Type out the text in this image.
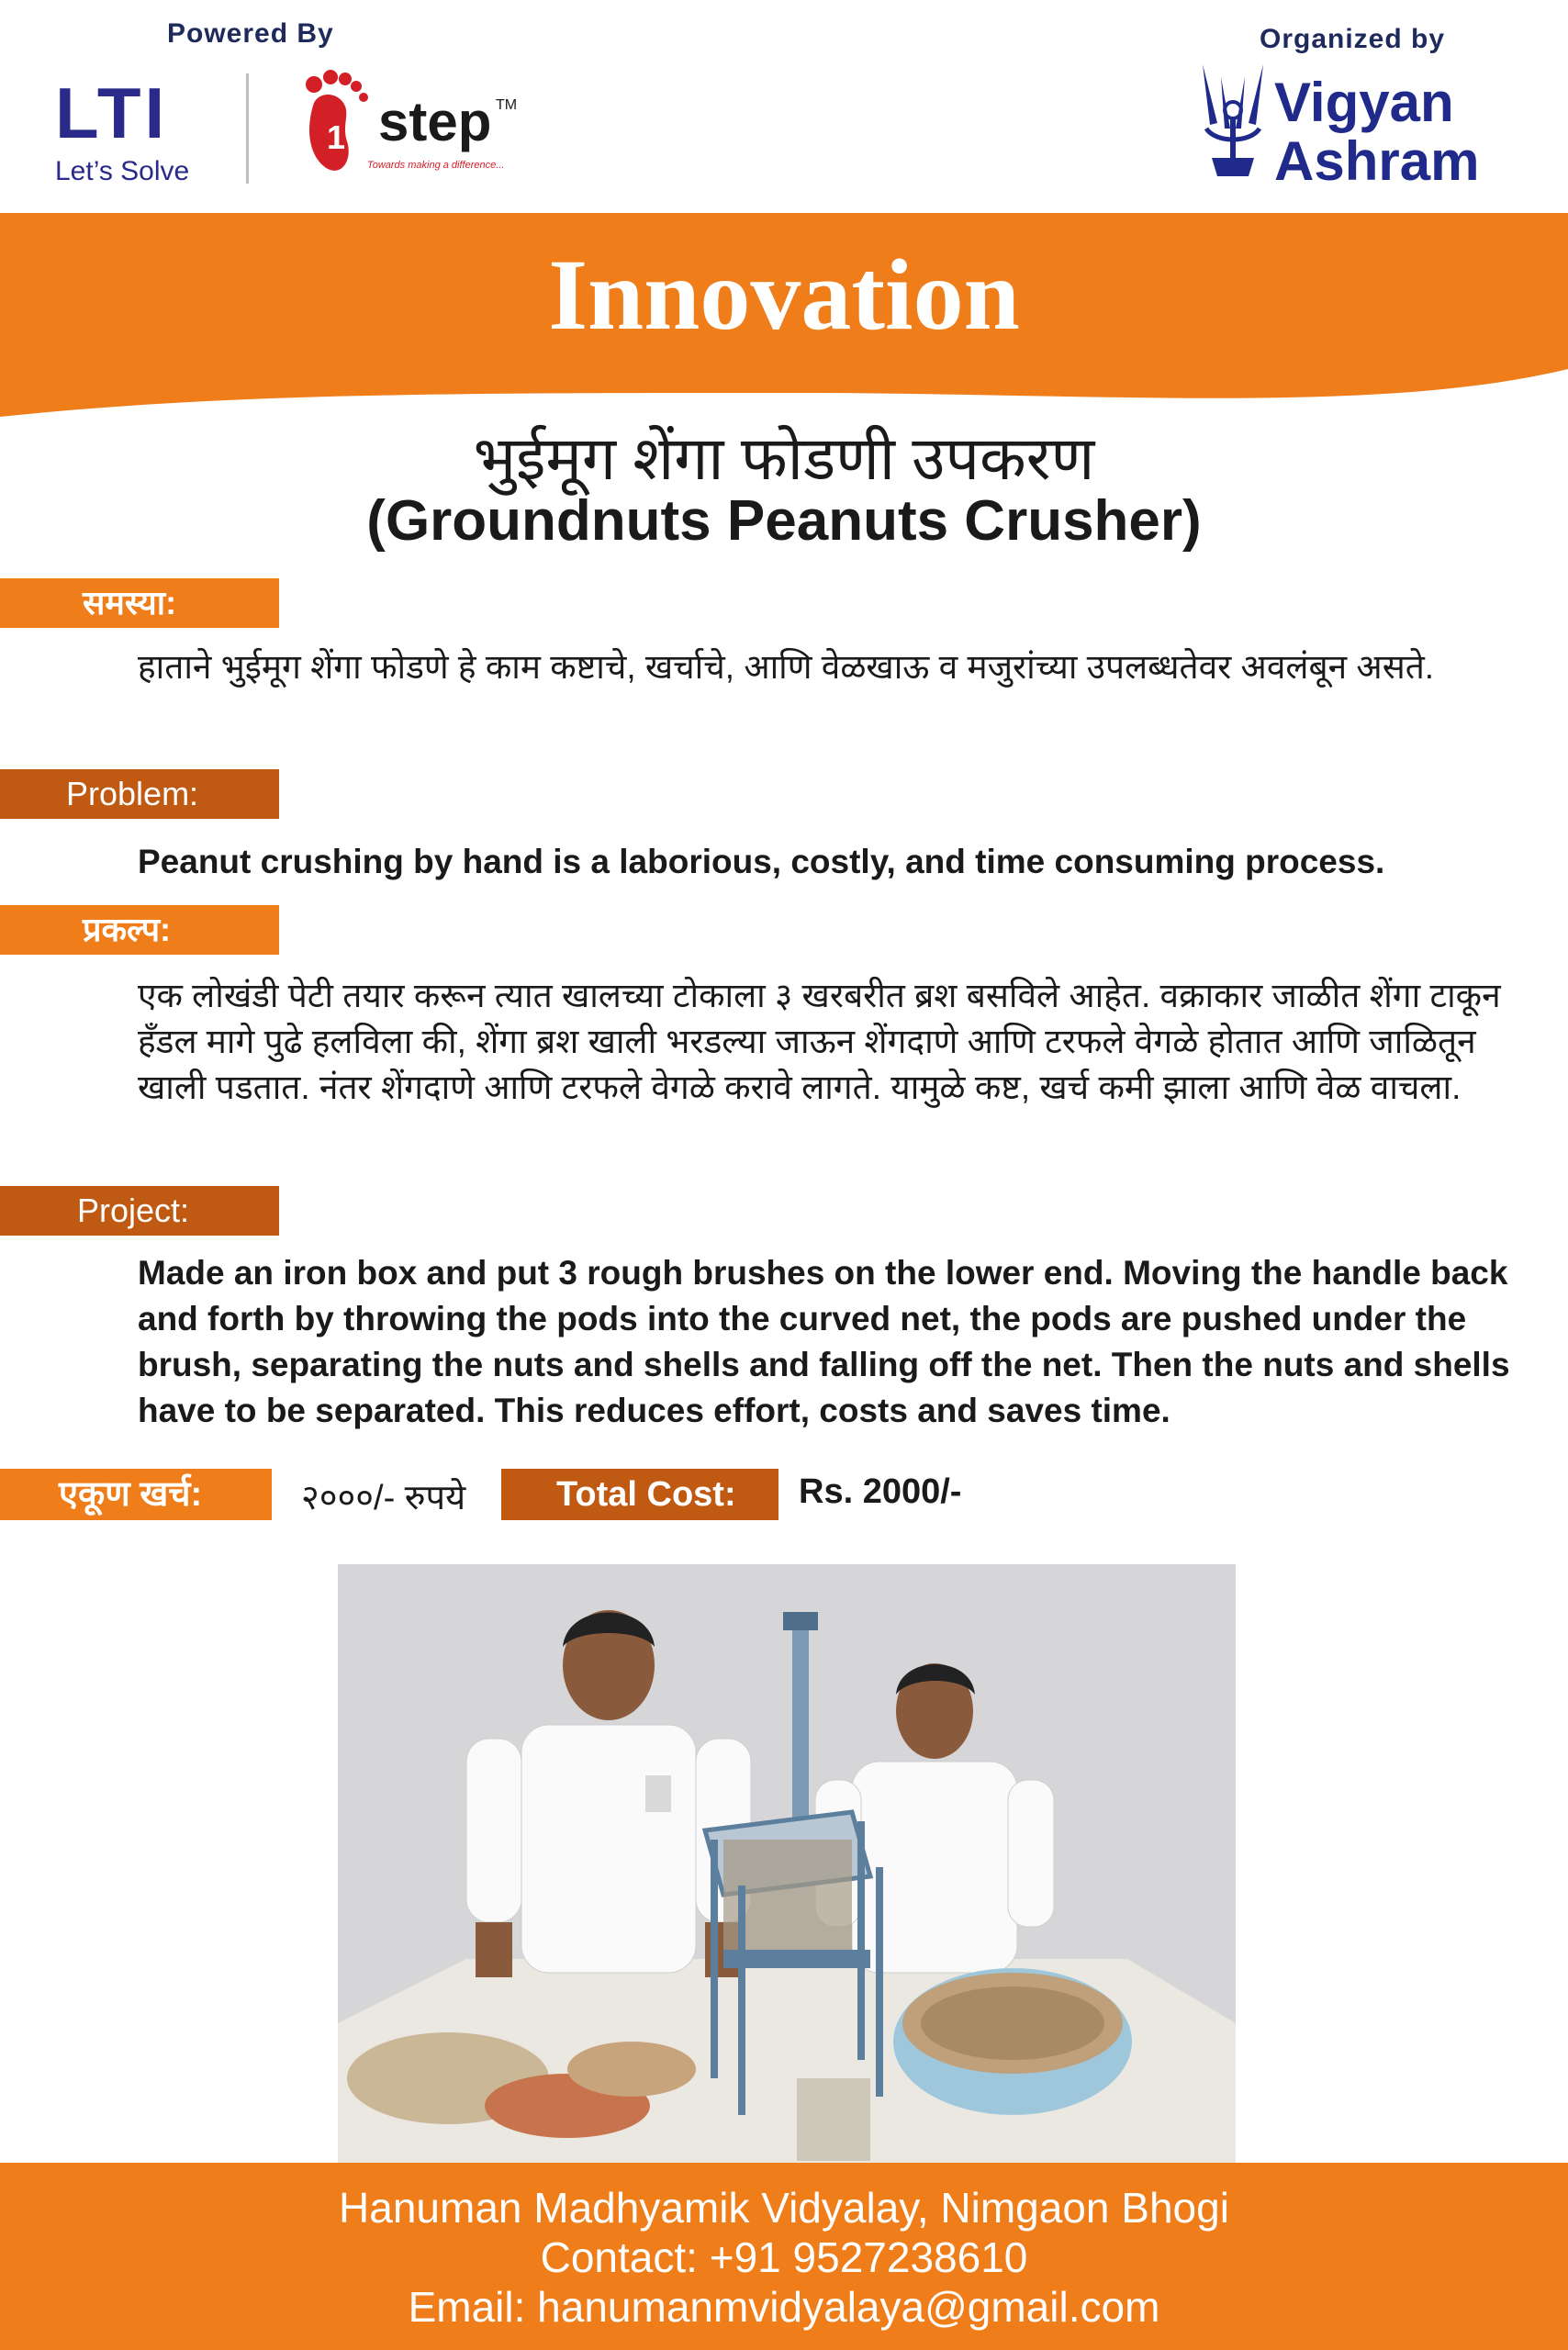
Powered By
LTI
Let’s Solve
1 step TM
Towards making a difference...
Organized by
Vigyan
Ashram
Innovation
भुईमूग शेंगा फोडणी उपकरण
(Groundnuts Peanuts Crusher)
समस्या:
हाताने भुईमूग शेंगा फोडणे हे काम कष्टाचे, खर्चाचे, आणि वेळखाऊ व मजुरांच्या उपलब्धतेवर अवलंबून असते.
Problem:
Peanut crushing by hand is a laborious, costly, and time consuming process.
प्रकल्प:
एक लोखंडी पेटी तयार करून त्यात खालच्या टोकाला ३ खरबरीत ब्रश बसविले आहेत. वक्राकार जाळीत शेंगा टाकून हँडल मागे पुढे हलविला की, शेंगा ब्रश खाली भरडल्या जाऊन शेंगदाणे आणि टरफले वेगळे होतात आणि जाळितून खाली पडतात. नंतर शेंगदाणे आणि टरफले वेगळे करावे लागते. यामुळे कष्ट, खर्च कमी झाला आणि वेळ वाचला.
Project:
Made an iron box and put 3 rough brushes on the lower end. Moving the handle back and forth by throwing the pods into the curved net, the pods are pushed under the brush, separating the nuts and shells and falling off the net. Then the nuts and shells have to be separated. This reduces effort, costs and saves time.
एकूण खर्च:	२०००/- रुपये	Total Cost:	Rs. 2000/-
Hanuman Madhyamik Vidyalay, Nimgaon Bhogi
Contact: +91 9527238610
Email: hanumanmvidyalaya@gmail.com
